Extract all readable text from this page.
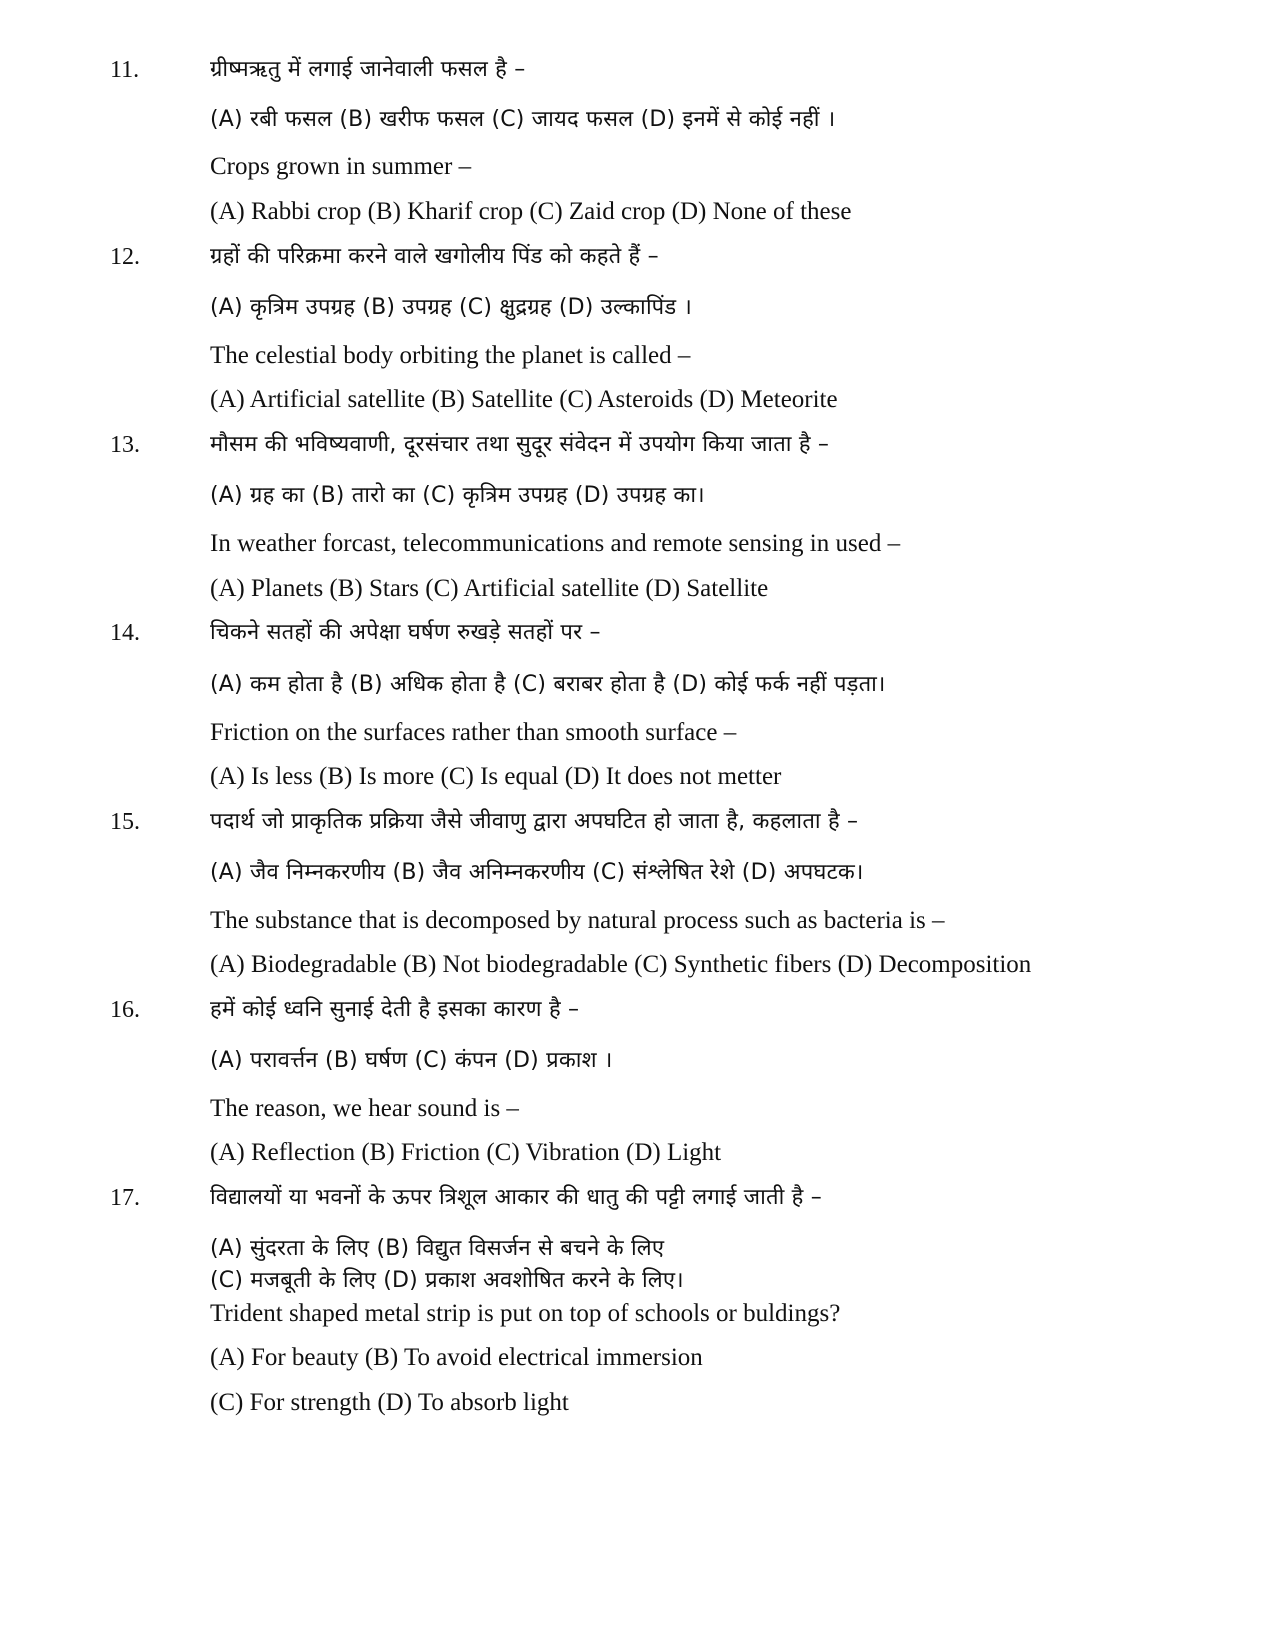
11.	ग्रीष्मऋतु में लगाई जानेवाली फसल है –
(A) रबी फसल (B) खरीफ फसल (C) जायद फसल (D) इनमें से कोई नहीं ।
Crops grown in summer –
(A) Rabbi crop (B) Kharif crop (C) Zaid crop (D) None of these
12.	ग्रहों की परिक्रमा करने वाले खगोलीय पिंड को कहते हैं –
(A) कृत्रिम उपग्रह (B) उपग्रह (C) क्षुद्रग्रह (D) उल्कापिंड ।
The celestial body orbiting the planet is called –
(A) Artificial satellite (B) Satellite (C) Asteroids (D) Meteorite
13.	मौसम की भविष्यवाणी, दूरसंचार तथा सुदूर संवेदन में उपयोग किया जाता है –
(A) ग्रह का (B) तारो का (C) कृत्रिम उपग्रह (D) उपग्रह का।
In weather forcast, telecommunications and remote sensing in used –
(A) Planets (B) Stars (C) Artificial satellite (D) Satellite
14.	चिकने सतहों की अपेक्षा घर्षण रुखड़े सतहों पर –
(A) कम होता है (B) अधिक होता है (C) बराबर होता है (D) कोई फर्क नहीं पड़ता।
Friction on the surfaces rather than smooth surface –
(A) Is less (B) Is more (C) Is equal (D) It does not metter
15.	पदार्थ जो प्राकृतिक प्रक्रिया जैसे जीवाणु द्वारा अपघटित हो जाता है, कहलाता है –
(A) जैव निम्नकरणीय (B) जैव अनिम्नकरणीय (C) संश्लेषित रेशे (D) अपघटक।
The substance that is decomposed by natural process such as bacteria is –
(A) Biodegradable (B) Not biodegradable (C) Synthetic fibers (D) Decomposition
16.	हमें कोई ध्वनि सुनाई देती है इसका कारण है –
(A) परावर्त्तन (B) घर्षण (C) कंपन (D) प्रकाश ।
The reason, we hear sound is –
(A) Reflection (B) Friction (C) Vibration (D) Light
17.	विद्यालयों या भवनों के ऊपर त्रिशूल आकार की धातु की पट्टी लगाई जाती है –
(A) सुंदरता के लिए (B) विद्युत विसर्जन से बचने के लिए
(C) मजबूती के लिए (D) प्रकाश अवशोषित करने के लिए।
Trident shaped metal strip is put on top of schools or buldings?
(A) For beauty (B) To avoid electrical immersion
(C) For strength (D) To absorb light
